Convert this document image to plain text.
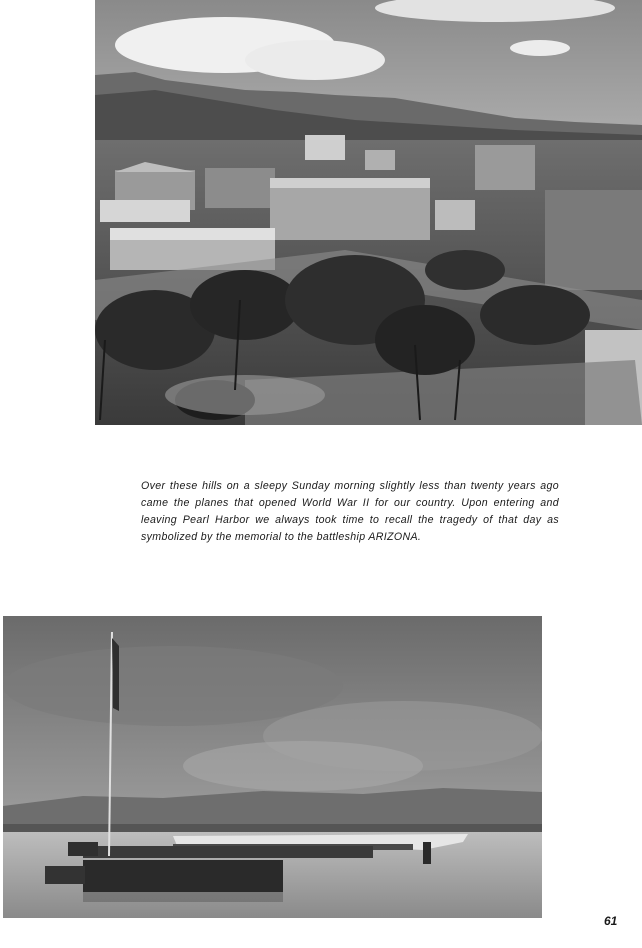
Over these hills on a sleepy Sunday morning slightly less than twenty years ago came the planes that opened World War II for our country. Upon entering and leaving Pearl Harbor we always took time to recall the tragedy of that day as symbolized by the memorial to the battleship ARIZONA.

61
